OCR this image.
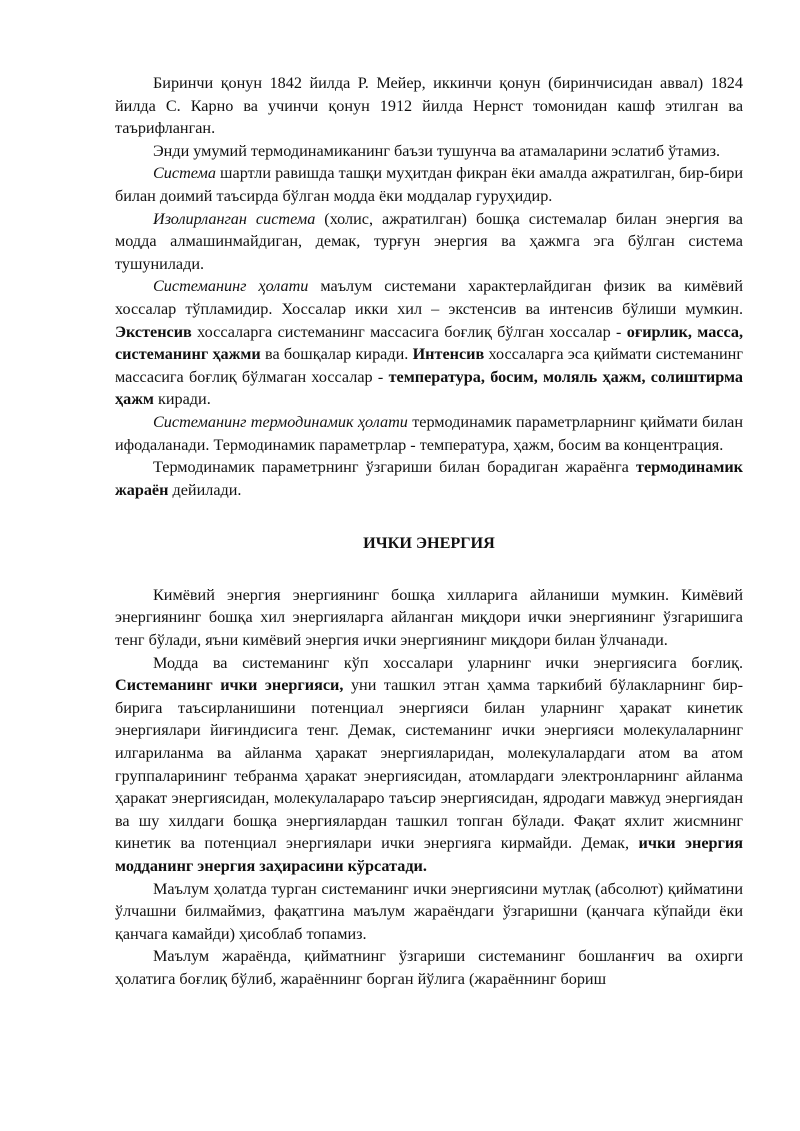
Биринчи қонун 1842 йилда Р. Мейер, иккинчи қонун (биринчисидан аввал) 1824 йилда С. Карно ва учинчи қонун 1912 йилда Нернст томонидан кашф этилган ва таърифланган.

Энди умумий термодинамиканинг баъзи тушунча ва атамаларини эслатиб ўтамиз.

Система шартли равишда ташқи муҳитдан фикран ёки амалда ажратилган, бир-бири билан доимий таъсирда бўлган модда ёки моддалар гуруҳидир.

Изолирланган система (холис, ажратилган) бошқа системалар билан энергия ва модда алмашинмайдиган, демак, турғун энергия ва ҳажмга эга бўлган система тушунилади.

Системанинг ҳолати маълум системани характерлайдиган физик ва кимёвий хоссалар тўпламидир. Хоссалар икки хил – экстенсив ва интенсив бўлиши мумкин. Экстенсив хоссаларга системанинг массасига боғлиқ бўлган хоссалар - оғирлик, масса, системанинг ҳажми ва бошқалар киради. Интенсив хоссаларга эса қиймати системанинг массасига боғлиқ бўлмаган хоссалар - температура, босим, моляль ҳажм, солиштирма ҳажм киради.

Системанинг термодинамик ҳолати термодинамик параметрларнинг қиймати билан ифодаланади. Термодинамик параметрлар - температура, ҳажм, босим ва концентрация.

Термодинамик параметрнинг ўзгариши билан борадиган жараёнга термодинамик жараён дейилади.

ИЧКИ ЭНЕРГИЯ

Кимёвий энергия энергиянинг бошқа хилларига айланиши мумкин. Кимёвий энергиянинг бошқа хил энергияларга айланган миқдори ички энергиянинг ўзгаришига тенг бўлади, яъни кимёвий энергия ички энергиянинг миқдори билан ўлчанади.

Модда ва системанинг кўп хоссалари уларнинг ички энергиясига боғлиқ. Системанинг ички энергияси, уни ташкил этган ҳамма таркибий бўлакларнинг бир-бирига таъсирланишини потенциал энергияси билан уларнинг ҳаракат кинетик энергиялари йиғиндисига тенг. Демак, системанинг ички энергияси молекулаларнинг илгариланма ва айланма ҳаракат энергияларидан, молекулалардаги атом ва атом группаларининг тебранма ҳаракат энергиясидан, атомлардаги электронларнинг айланма ҳаракат энергиясидан, молекулалараро таъсир энергиясидан, ядродаги мавжуд энергиядан ва шу хилдаги бошқа энергиялардан ташкил топган бўлади. Фақат яхлит жисмнинг кинетик ва потенциал энергиялари ички энергияга кирмайди. Демак, ички энергия модданинг энергия заҳирасини кўрсатади.

Маълум ҳолатда турган системанинг ички энергиясини мутлақ (абсолют) қийматини ўлчашни билмаймиз, фақатгина маълум жараёндаги ўзгаришни (қанчага кўпайди ёки қанчага камайди) ҳисоблаб топамиз.

Маълум жараёнда, қийматнинг ўзгариши системанинг бошланғич ва охирги ҳолатига боғлиқ бўлиб, жараённинг борган йўлига (жараённинг бориш
